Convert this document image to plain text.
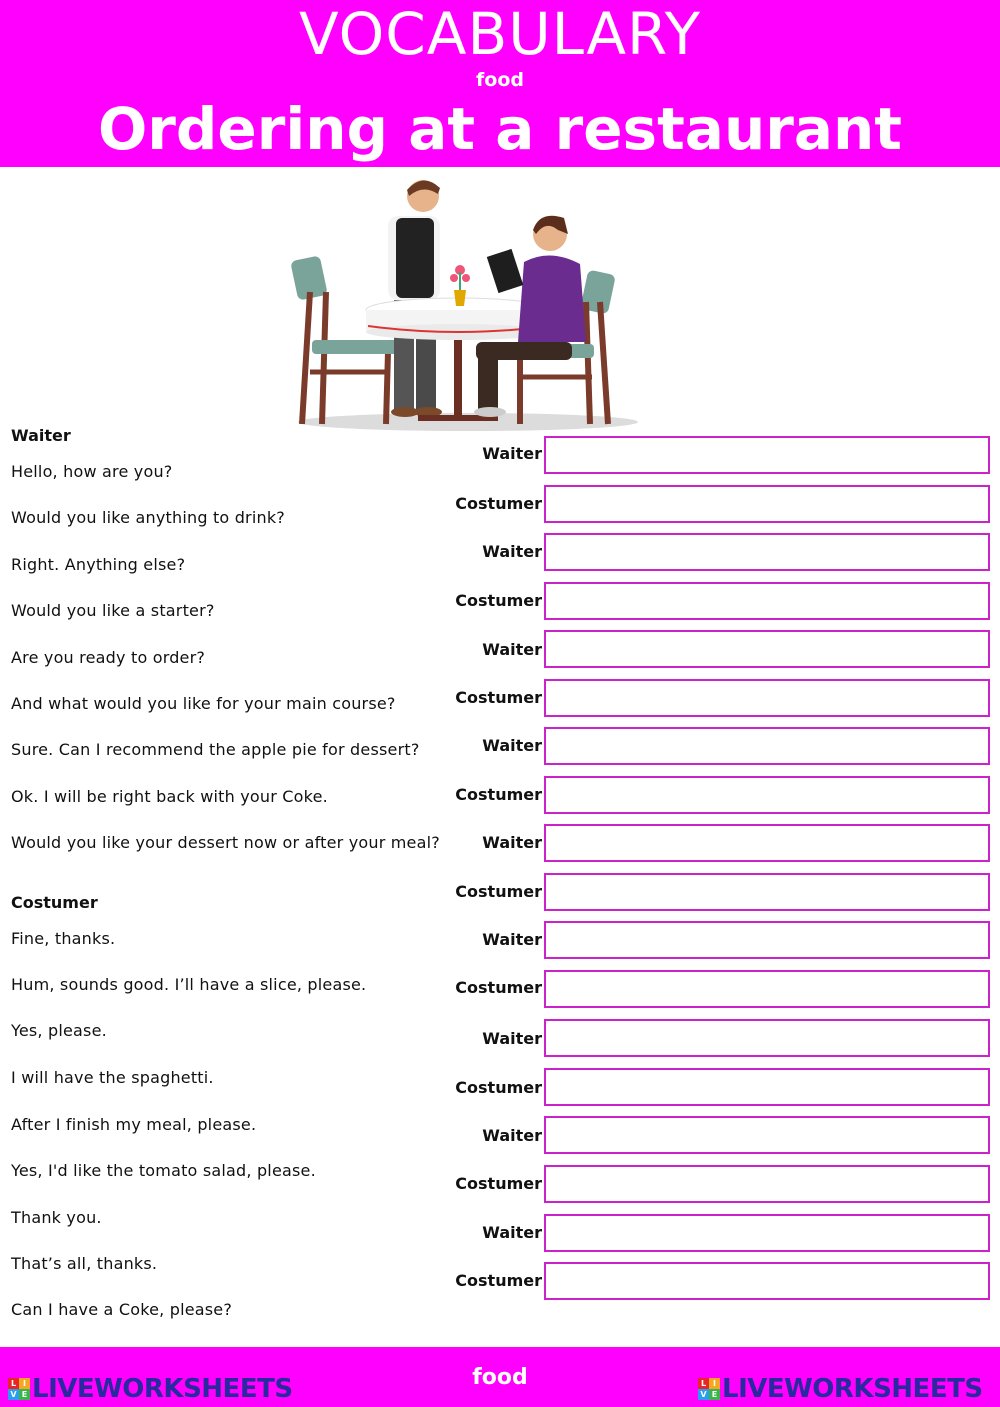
VOCABULARY
food
Ordering at a restaurant
Waiter
Hello, how are you?
Would you like anything to drink?
Right. Anything else?
Would you like a starter?
Are you ready to order?
And what would you like for your main course?
Sure. Can I recommend the apple pie for dessert?
Ok. I will be right back with your Coke.
Would you like your dessert now or after your meal?
Costumer
Fine, thanks.
Hum, sounds good. I’ll have a slice, please.
Yes, please.
I will have the spaghetti.
After I finish my meal, please.
Yes, I'd like the tomato salad, please.
Thank you.
That’s all, thanks.
Can I have a Coke, please?
Waiter
Costumer
Waiter
Costumer
Waiter
Costumer
Waiter
Costumer
Waiter
Costumer
Waiter
Costumer
Waiter
Costumer
Waiter
Costumer
Waiter
Costumer
L I
V E LIVEWORKSHEETS	food	L I
V E LIVEWORKSHEETS
